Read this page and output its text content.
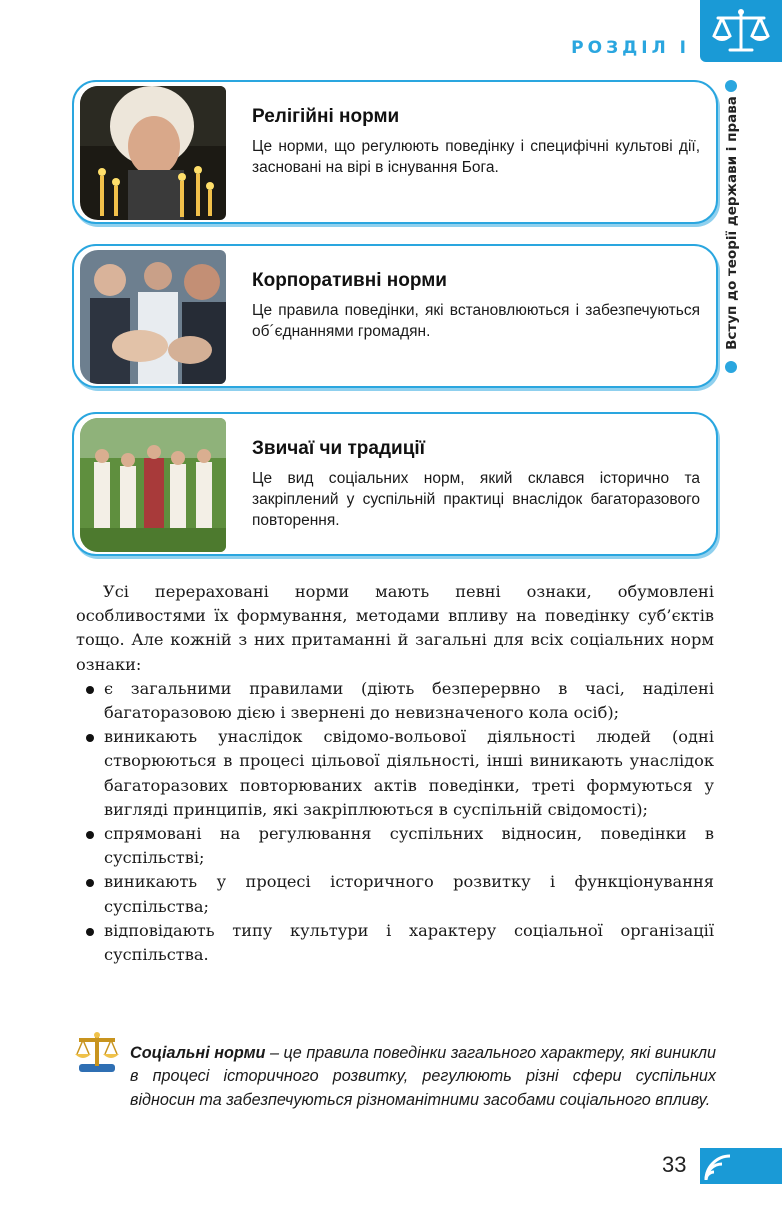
РОЗДІЛ І
Вступ до теорії держави і права
Релігійні норми
Це норми, що регулюють поведінку і специфічні культові дії, засновані на вірі в існування Бога.
Корпоративні норми
Це правила поведінки, які встановлюються і забезпечуються об´єднаннями громадян.
Звичаї чи традиції
Це вид соціальних норм, який склався історично та закріплений у суспільній практиці внаслідок багаторазового повторення.

Усі перераховані норми мають певні ознаки, обумовлені особливостями їх формування, методами впливу на поведінку суб’єктів тощо. Але кожній з них притаманні й загальні для всіх соціальних норм ознаки:

є загальними правилами (діють безперервно в часі, наділені багаторазовою дією і звернені до невизначеного кола осіб);
виникають унаслідок свідомо-вольової діяльності людей (одні створюються в процесі цільової діяльності, інші виникають унаслідок багаторазових повторюваних актів поведінки, треті формуються у вигляді принципів, які закріплюються в суспільній свідомості);
спрямовані на регулювання суспільних відносин, поведінки в суспільстві;
виникають у процесі історичного розвитку і функціонування суспільства;
відповідають типу культури і характеру соціальної організації суспільства.
Соціальні норми – це правила поведінки загального характеру, які виникли в процесі історичного розвитку, регулюють різні сфери суспільних відносин та забезпечуються різноманітними засобами соціального впливу.
33
